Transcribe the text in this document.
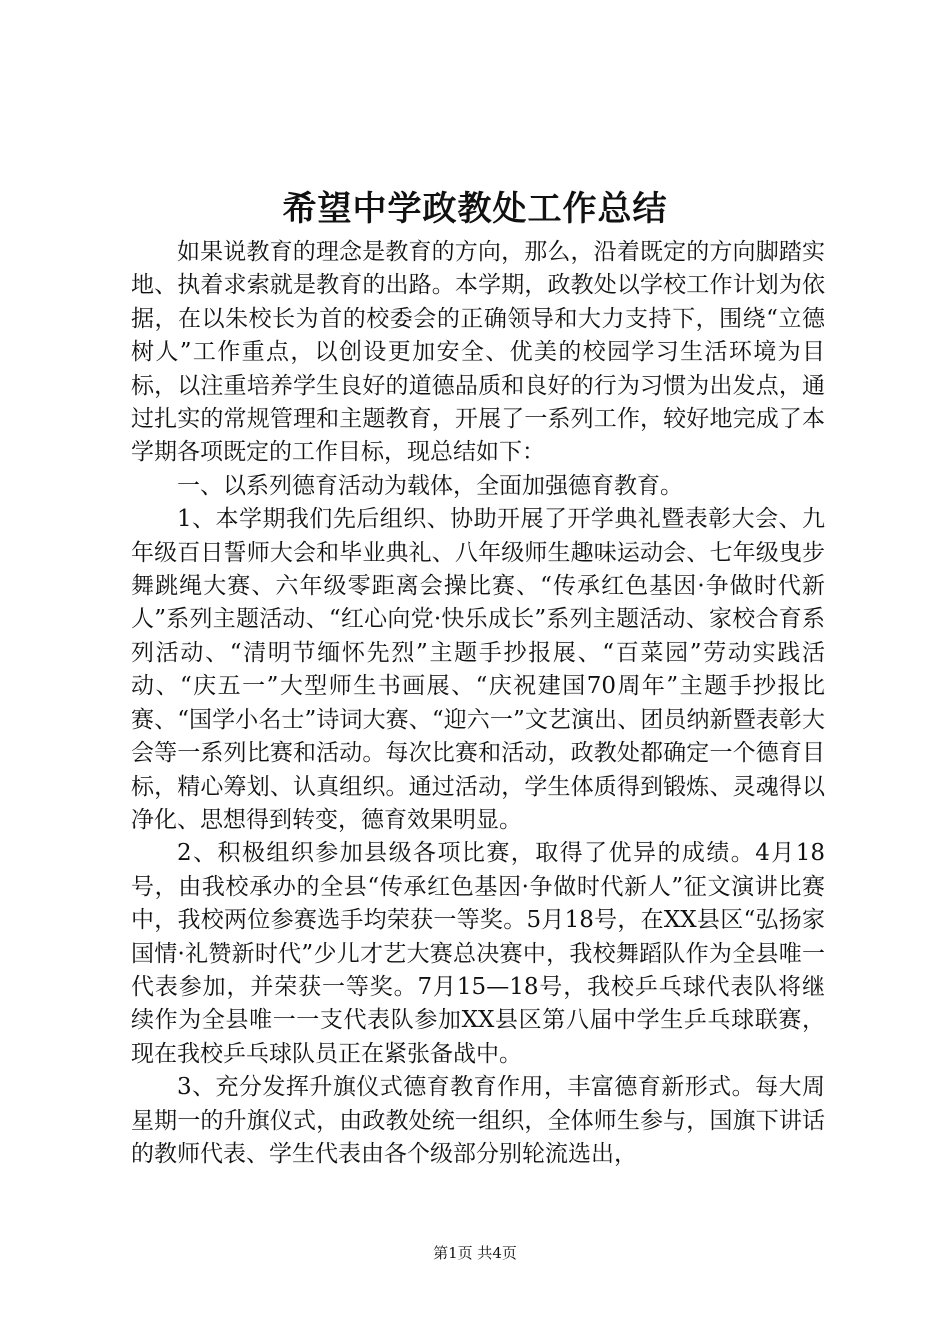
希望中学政教处工作总结

如果说教育的理念是教育的方向，那么，沿着既定的方向脚踏实地、执着求索就是教育的出路。本学期，政教处以学校工作计划为依据，在以朱校长为首的校委会的正确领导和大力支持下，围绕“立德树人”工作重点，以创设更加安全、优美的校园学习生活环境为目标，以注重培养学生良好的道德品质和良好的行为习惯为出发点，通过扎实的常规管理和主题教育，开展了一系列工作，较好地完成了本学期各项既定的工作目标，现总结如下：

一、以系列德育活动为载体，全面加强德育教育。

1、本学期我们先后组织、协助开展了开学典礼暨表彰大会、九年级百日誓师大会和毕业典礼、八年级师生趣味运动会、七年级曳步舞跳绳大赛、六年级零距离会操比赛、“传承红色基因·争做时代新人”系列主题活动、“红心向党·快乐成长”系列主题活动、家校合育系列活动、“清明节缅怀先烈”主题手抄报展、“百菜园”劳动实践活动、“庆五一”大型师生书画展、“庆祝建国70周年”主题手抄报比赛、“国学小名士”诗词大赛、“迎六一”文艺演出、团员纳新暨表彰大会等一系列比赛和活动。每次比赛和活动，政教处都确定一个德育目标，精心筹划、认真组织。通过活动，学生体质得到锻炼、灵魂得以净化、思想得到转变，德育效果明显。

2、积极组织参加县级各项比赛，取得了优异的成绩。4月18号，由我校承办的全县“传承红色基因·争做时代新人”征文演讲比赛中，我校两位参赛选手均荣获一等奖。5月18号，在XX县区“弘扬家国情·礼赞新时代”少儿才艺大赛总决赛中，我校舞蹈队作为全县唯一代表参加，并荣获一等奖。7月15—18号，我校乒乓球代表队将继续作为全县唯一一支代表队参加XX县区第八届中学生乒乓球联赛，现在我校乒乓球队员正在紧张备战中。

3、充分发挥升旗仪式德育教育作用，丰富德育新形式。每大周星期一的升旗仪式，由政教处统一组织，全体师生参与，国旗下讲话的教师代表、学生代表由各个级部分别轮流选出，

第1页 共4页
